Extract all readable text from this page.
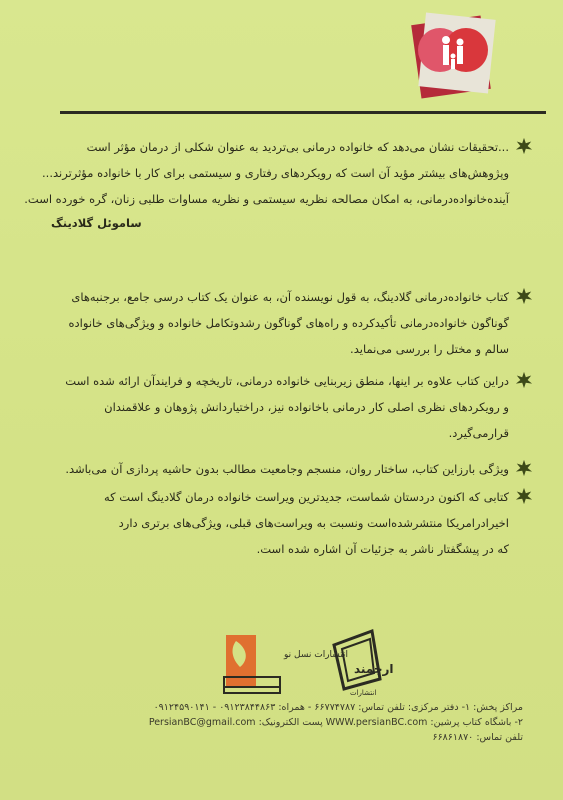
...تحقیقات نشان می‌دهد که خانواده درمانی بی‌تردید به عنوان شکلی از درمان مؤثر است
وپژوهش‌های بیشتر مؤید آن است که رویکردهای رفتاری و سیستمی برای کار با خانواده مؤثرترند...
آینده‌خانواده‌درمانی، به امکان مصالحه نظریه سیستمی و نظریه مساوات طلبی زنان، گره خورده است.
ساموئل گلادینگ
کتاب خانواده‌درمانی گلادینگ، به قول نویسنده آن، به عنوان یک کتاب درسی جامع، برجنبه‌های
گوناگون خانواده‌درمانی تأکیدکرده و راه‌های گوناگون رشدوتکامل خانواده و ویژگی‌های خانواده
سالم و مختل را بررسی می‌نماید.
دراین کتاب علاوه بر اینها، منطق زیربنایی خانواده درمانی، تاریخچه و فرایندآن ارائه شده است
و رویکردهای نظری اصلی کار درمانی باخانواده نیز، دراختیاردانش پژوهان و علاقمندان
قرارمی‌گیرد.
ویژگی بارزاین کتاب، ساختار روان، منسجم وجامعیت مطالب بدون حاشیه پردازی آن می‌باشد.
کتابی که اکنون دردستان شماست، جدیدترین ویراست خانواده درمان گلادینگ است که
اخیرادرامریکا منتشرشده‌است ونسبت به ویراست‌های قبلی، ویژگی‌های برتری دارد
که در پیشگفتار ناشر به جزئیات آن اشاره شده است.
انتشارات نسل نو
ارجمند
انتشارات
مراکز پخش: ۱- دفتر مرکزی: تلفن تماس: ۶۶۷۷۴۷۸۷ - همراه: ۰۹۱۲۳۸۴۴۸۶۳ - ۰۹۱۲۴۵۹۰۱۴۱
۲- باشگاه کتاب پرشین: WWW.persianBC.com پست الکترونیک: PersianBC@gmail.com
تلفن تماس: ۶۶۸۶۱۸۷۰
